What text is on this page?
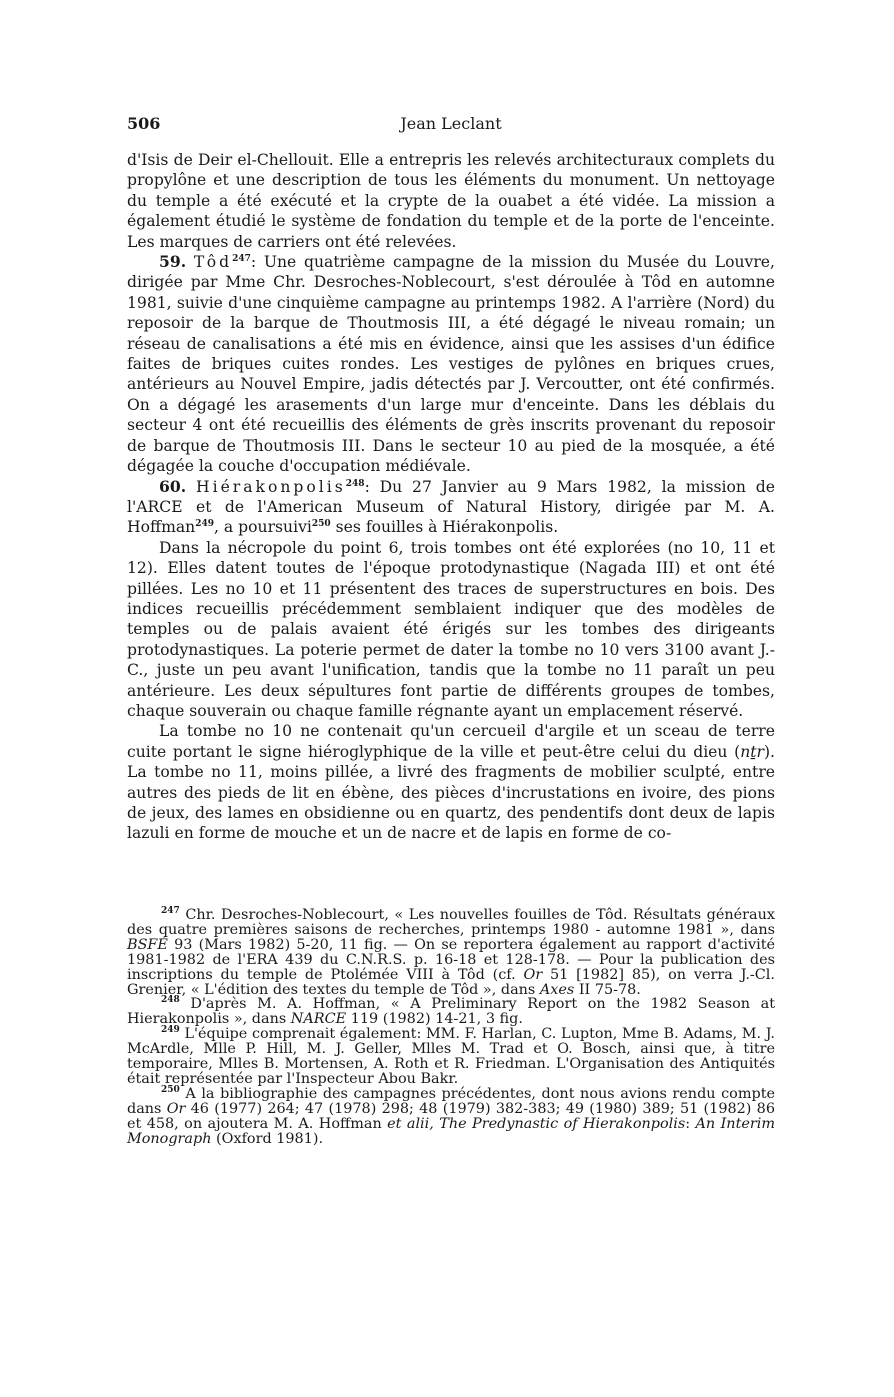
506	Jean Leclant

d'Isis de Deir el-Chellouit. Elle a entrepris les relevés architecturaux complets du propylône et une description de tous les éléments du monument. Un nettoyage du temple a été exécuté et la crypte de la ouabet a été vidée. La mission a également étudié le système de fondation du temple et de la porte de l'enceinte. Les marques de carriers ont été relevées.

59. Tôd$^{247}$: Une quatrième campagne de la mission du Musée du Louvre, dirigée par Mme Chr. Desroches-Noblecourt, s'est déroulée à Tôd en automne 1981, suivie d'une cinquième campagne au printemps 1982. A l'arrière (Nord) du reposoir de la barque de Thoutmosis III, a été dégagé le niveau romain; un réseau de canalisations a été mis en évidence, ainsi que les assises d'un édifice faites de briques cuites rondes. Les vestiges de pylônes en briques crues, antérieurs au Nouvel Empire, jadis détectés par J. Vercoutter, ont été confirmés. On a dégagé les arasements d'un large mur d'enceinte. Dans les déblais du secteur 4 ont été recueillis des éléments de grès inscrits provenant du reposoir de barque de Thoutmosis III. Dans le secteur 10 au pied de la mosquée, a été dégagée la couche d'occupation médiévale.

60. Hiérakonpolis$^{248}$: Du 27 Janvier au 9 Mars 1982, la mission de l'ARCE et de l'American Museum of Natural History, dirigée par M. A. Hoffman$^{249}$, a poursuivi$^{250}$ ses fouilles à Hiérakonpolis.

Dans la nécropole du point 6, trois tombes ont été explorées (no 10, 11 et 12). Elles datent toutes de l'époque protodynastique (Nagada III) et ont été pillées. Les no 10 et 11 présentent des traces de superstructures en bois. Des indices recueillis précédemment semblaient indiquer que des modèles de temples ou de palais avaient été érigés sur les tombes des dirigeants protodynastiques. La poterie permet de dater la tombe no 10 vers 3100 avant J.-C., juste un peu avant l'unification, tandis que la tombe no 11 paraît un peu antérieure. Les deux sépultures font partie de différents groupes de tombes, chaque souverain ou chaque famille régnante ayant un emplacement réservé.

La tombe no 10 ne contenait qu'un cercueil d'argile et un sceau de terre cuite portant le signe hiéroglyphique de la ville et peut-être celui du dieu (nṯr). La tombe no 11, moins pillée, a livré des fragments de mobilier sculpté, entre autres des pieds de lit en ébène, des pièces d'incrustations en ivoire, des pions de jeux, des lames en obsidienne ou en quartz, des pendentifs dont deux de lapis lazuli en forme de mouche et un de nacre et de lapis en forme de co-

$^{247}$ Chr. Desroches-Noblecourt, « Les nouvelles fouilles de Tôd. Résultats généraux des quatre premières saisons de recherches, printemps 1980 - automne 1981 », dans BSFÉ 93 (Mars 1982) 5-20, 11 fig. — On se reportera également au rapport d'activité 1981-1982 de l'ERA 439 du C.N.R.S. p. 16-18 et 128-178. — Pour la publication des inscriptions du temple de Ptolémée VIII à Tôd (cf. Or 51 [1982] 85), on verra J.-Cl. Grenier, « L'édition des textes du temple de Tôd », dans Axes II 75-78.

$^{248}$ D'après M. A. Hoffman, « A Preliminary Report on the 1982 Season at Hierakonpolis », dans NARCE 119 (1982) 14-21, 3 fig.

$^{249}$ L'équipe comprenait également: MM. F. Harlan, C. Lupton, Mme B. Adams, M. J. McArdle, Mlle P. Hill, M. J. Geller, Mlles M. Trad et O. Bosch, ainsi que, à titre temporaire, Mlles B. Mortensen, A. Roth et R. Friedman. L'Organisation des Antiquités était représentée par l'Inspecteur Abou Bakr.

$^{250}$ A la bibliographie des campagnes précédentes, dont nous avions rendu compte dans Or 46 (1977) 264; 47 (1978) 298; 48 (1979) 382-383; 49 (1980) 389; 51 (1982) 86 et 458, on ajoutera M. A. Hoffman et alii, The Predynastic of Hierakonpolis: An Interim Monograph (Oxford 1981).
